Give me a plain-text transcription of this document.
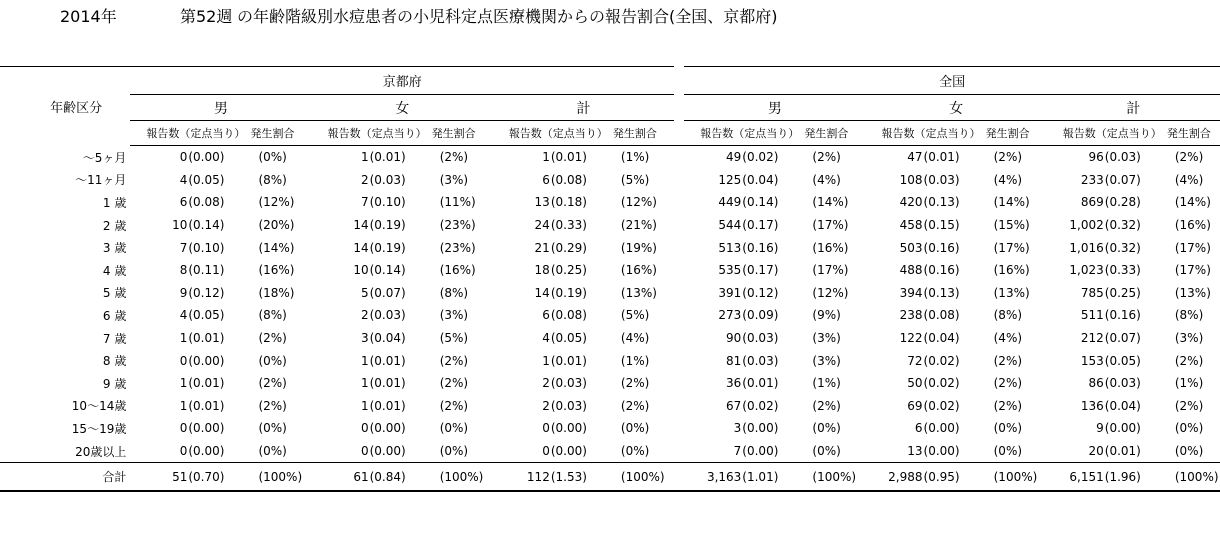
2014年	第52週 の年齢階級別水痘患者の小児科定点医療機関からの報告割合(全国、京都府)
年齢区分	京都府										全国								
	男			女			計				男			女			計		
	報告数（定点当り）		発生割合	報告数（定点当り）		発生割合	報告数（定点当り）		発生割合		報告数（定点当り）		発生割合	報告数（定点当り）		発生割合	報告数（定点当り）		発生割合
～5ヶ月	0	(0.00)	(0%)	1	(0.01)	(2%)	1	(0.01)	(1%)		49	(0.02)	(2%)	47	(0.01)	(2%)	96	(0.03)	(2%)
～11ヶ月	4	(0.05)	(8%)	2	(0.03)	(3%)	6	(0.08)	(5%)		125	(0.04)	(4%)	108	(0.03)	(4%)	233	(0.07)	(4%)
1 歳	6	(0.08)	(12%)	7	(0.10)	(11%)	13	(0.18)	(12%)		449	(0.14)	(14%)	420	(0.13)	(14%)	869	(0.28)	(14%)
2 歳	10	(0.14)	(20%)	14	(0.19)	(23%)	24	(0.33)	(21%)		544	(0.17)	(17%)	458	(0.15)	(15%)	1,002	(0.32)	(16%)
3 歳	7	(0.10)	(14%)	14	(0.19)	(23%)	21	(0.29)	(19%)		513	(0.16)	(16%)	503	(0.16)	(17%)	1,016	(0.32)	(17%)
4 歳	8	(0.11)	(16%)	10	(0.14)	(16%)	18	(0.25)	(16%)		535	(0.17)	(17%)	488	(0.16)	(16%)	1,023	(0.33)	(17%)
5 歳	9	(0.12)	(18%)	5	(0.07)	(8%)	14	(0.19)	(13%)		391	(0.12)	(12%)	394	(0.13)	(13%)	785	(0.25)	(13%)
6 歳	4	(0.05)	(8%)	2	(0.03)	(3%)	6	(0.08)	(5%)		273	(0.09)	(9%)	238	(0.08)	(8%)	511	(0.16)	(8%)
7 歳	1	(0.01)	(2%)	3	(0.04)	(5%)	4	(0.05)	(4%)		90	(0.03)	(3%)	122	(0.04)	(4%)	212	(0.07)	(3%)
8 歳	0	(0.00)	(0%)	1	(0.01)	(2%)	1	(0.01)	(1%)		81	(0.03)	(3%)	72	(0.02)	(2%)	153	(0.05)	(2%)
9 歳	1	(0.01)	(2%)	1	(0.01)	(2%)	2	(0.03)	(2%)		36	(0.01)	(1%)	50	(0.02)	(2%)	86	(0.03)	(1%)
10～14歳	1	(0.01)	(2%)	1	(0.01)	(2%)	2	(0.03)	(2%)		67	(0.02)	(2%)	69	(0.02)	(2%)	136	(0.04)	(2%)
15～19歳	0	(0.00)	(0%)	0	(0.00)	(0%)	0	(0.00)	(0%)		3	(0.00)	(0%)	6	(0.00)	(0%)	9	(0.00)	(0%)
20歳以上	0	(0.00)	(0%)	0	(0.00)	(0%)	0	(0.00)	(0%)		7	(0.00)	(0%)	13	(0.00)	(0%)	20	(0.01)	(0%)
合計	51	(0.70)	(100%)	61	(0.84)	(100%)	112	(1.53)	(100%)		3,163	(1.01)	(100%)	2,988	(0.95)	(100%)	6,151	(1.96)	(100%)
